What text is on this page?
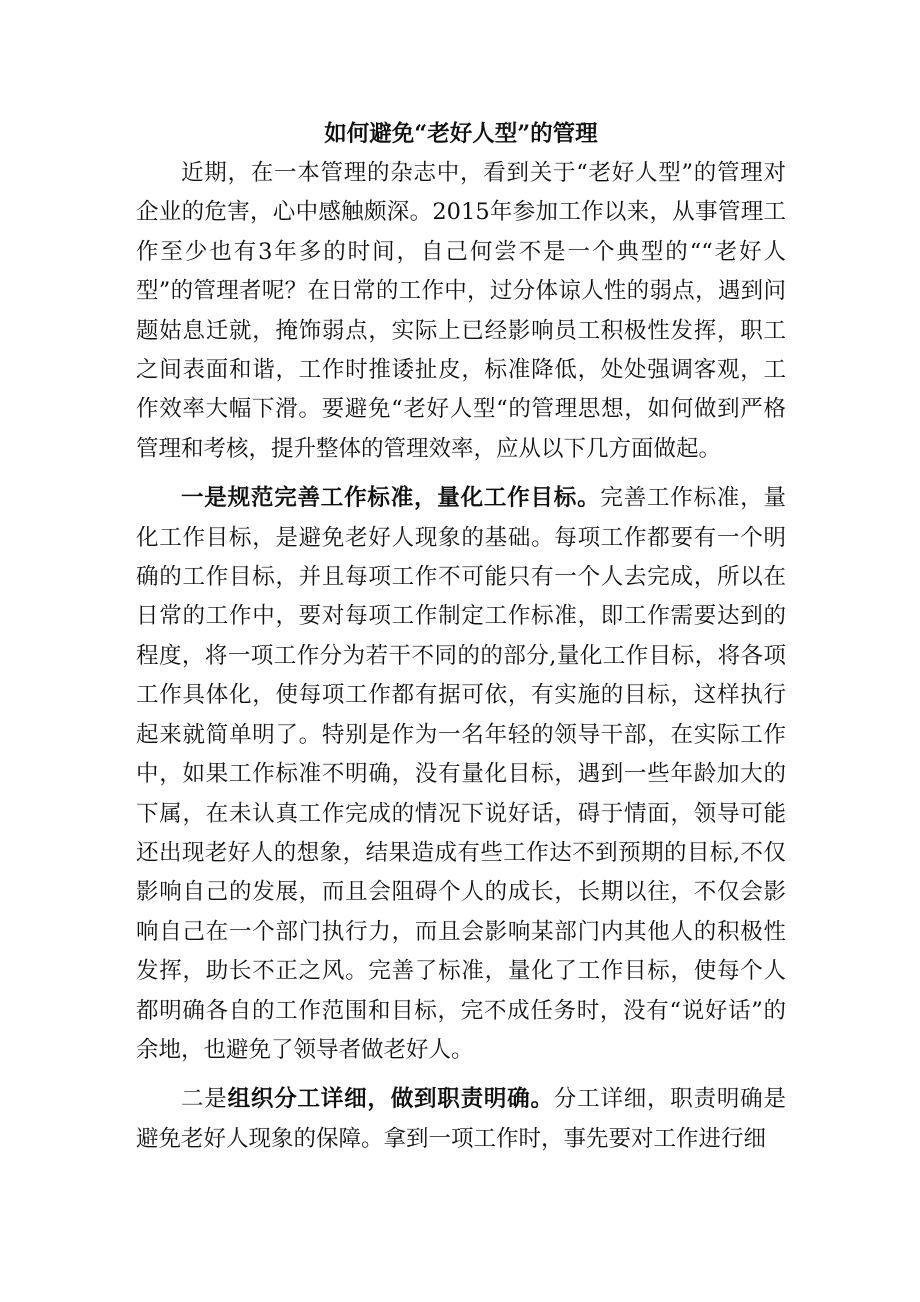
如何避免“老好人型”的管理

近期，在一本管理的杂志中，看到关于“老好人型”的管理对企业的危害，心中感触颇深。2015年参加工作以来，从事管理工作至少也有3年多的时间，自己何尝不是一个典型的““老好人型”的管理者呢？在日常的工作中，过分体谅人性的弱点，遇到问题姑息迁就，掩饰弱点，实际上已经影响员工积极性发挥，职工之间表面和谐，工作时推诿扯皮，标准降低，处处强调客观，工作效率大幅下滑。要避免“老好人型“的管理思想，如何做到严格管理和考核，提升整体的管理效率，应从以下几方面做起。

一是规范完善工作标准，量化工作目标。完善工作标准，量化工作目标，是避免老好人现象的基础。每项工作都要有一个明确的工作目标，并且每项工作不可能只有一个人去完成，所以在日常的工作中，要对每项工作制定工作标准，即工作需要达到的程度，将一项工作分为若干不同的的部分,量化工作目标，将各项工作具体化，使每项工作都有据可依，有实施的目标，这样执行起来就简单明了。特别是作为一名年轻的领导干部，在实际工作中，如果工作标准不明确，没有量化目标，遇到一些年龄加大的下属，在未认真工作完成的情况下说好话，碍于情面，领导可能还出现老好人的想象，结果造成有些工作达不到预期的目标,不仅影响自己的发展，而且会阻碍个人的成长，长期以往，不仅会影响自己在一个部门执行力，而且会影响某部门内其他人的积极性发挥，助长不正之风。完善了标准，量化了工作目标，使每个人都明确各自的工作范围和目标，完不成任务时，没有“说好话”的余地，也避免了领导者做老好人。

二是组织分工详细，做到职责明确。分工详细，职责明确是避免老好人现象的保障。拿到一项工作时，事先要对工作进行细
